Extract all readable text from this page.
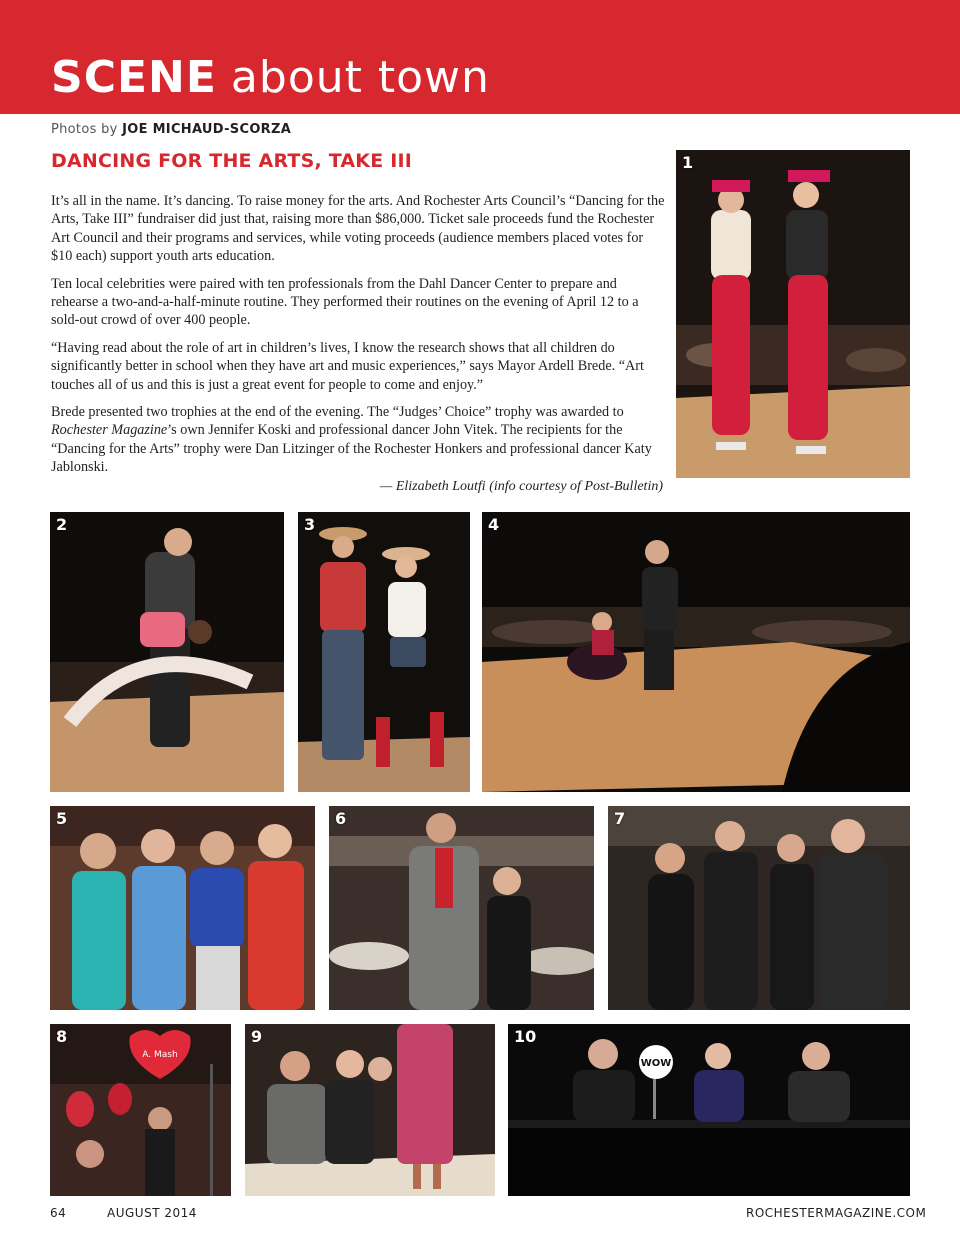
SCENE about town
Photos by JOE MICHAUD-SCORZA
DANCING FOR THE ARTS, TAKE III

It’s all in the name. It’s dancing. To raise money for the arts. And Rochester Arts Council’s “Dancing for the Arts, Take III” fundraiser did just that, raising more than $86,000. Ticket sale proceeds fund the Rochester Art Council and their programs and services, while voting proceeds (audience members placed votes for $10 each) support youth arts education.

Ten local celebrities were paired with ten professionals from the Dahl Dancer Center to prepare and rehearse a two-and-a-half-minute routine. They performed their routines on the evening of April 12 to a sold-out crowd of over 400 people.

“Having read about the role of art in children’s lives, I know the research shows that all children do significantly better in school when they have art and music experiences,” says Mayor Ardell Brede. “Art touches all of us and this is just a great event for people to come and enjoy.”

Brede presented two trophies at the end of the evening. The “Judges’ Choice” trophy was awarded to Rochester Magazine’s own Jennifer Koski and professional dancer John Vitek. The recipients for the “Dancing for the Arts” trophy were Dan Litzinger of the Rochester Honkers and professional dancer Katy Jablonski.

— Elizabeth Loutfi (info courtesy of Post-Bulletin)
1
2	3	4
5	6	7
A. Mash
8	9
WOW
10
64	AUGUST 2014	ROCHESTERMAGAZINE.COM
